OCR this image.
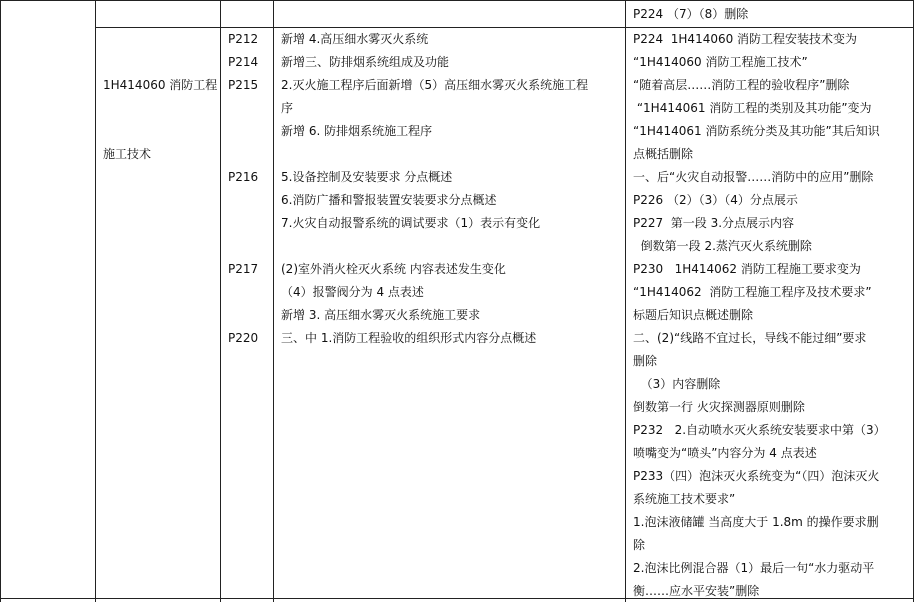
P224 （7）（8）删除

1H414060 消防工程

施工技术

P212
P214
P215
P216
P217
P220
新增 4.高压细水雾灭火系统
新增三、防排烟系统组成及功能
2.灭火施工程序后面新增（5）高压细水雾灭火系统施工程
序
新增 6. 防排烟系统施工程序
5.设备控制及安装要求 分点概述
6.消防广播和警报装置安装要求分点概述
7.火灾自动报警系统的调试要求（1）表示有变化
(2)室外消火栓灭火系统 内容表述发生变化
（4）报警阀分为 4 点表述
新增 3. 高压细水雾灭火系统施工要求
三、中 1.消防工程验收的组织形式内容分点概述
P224  1H414060 消防工程安装技术变为
“1H414060 消防工程施工技术”
“随着高层……消防工程的验收程序”删除
“1H414061 消防工程的类别及其功能”变为
“1H414061 消防系统分类及其功能”其后知识
点概括删除
一、后“火灾自动报警……消防中的应用”删除
P226 （2）（3）（4）分点展示
P227  第一段 3.分点展示内容
倒数第一段 2.蒸汽灭火系统删除
P230   1H414062 消防工程施工要求变为
“1H414062  消防工程施工程序及技术要求”
标题后知识点概述删除
二、(2)“线路不宜过长，导线不能过细”要求
删除
（3）内容删除
倒数第一行 火灾探测器原则删除
P232   2.自动喷水灭火系统安装要求中第（3）
喷嘴变为“喷头”内容分为 4 点表述
P233（四）泡沫灭火系统变为“（四）泡沫灭火
系统施工技术要求”
1.泡沫液储罐 当高度大于 1.8m 的操作要求删
除
2.泡沫比例混合器（1）最后一句“水力驱动平
衡……应水平安装”删除
